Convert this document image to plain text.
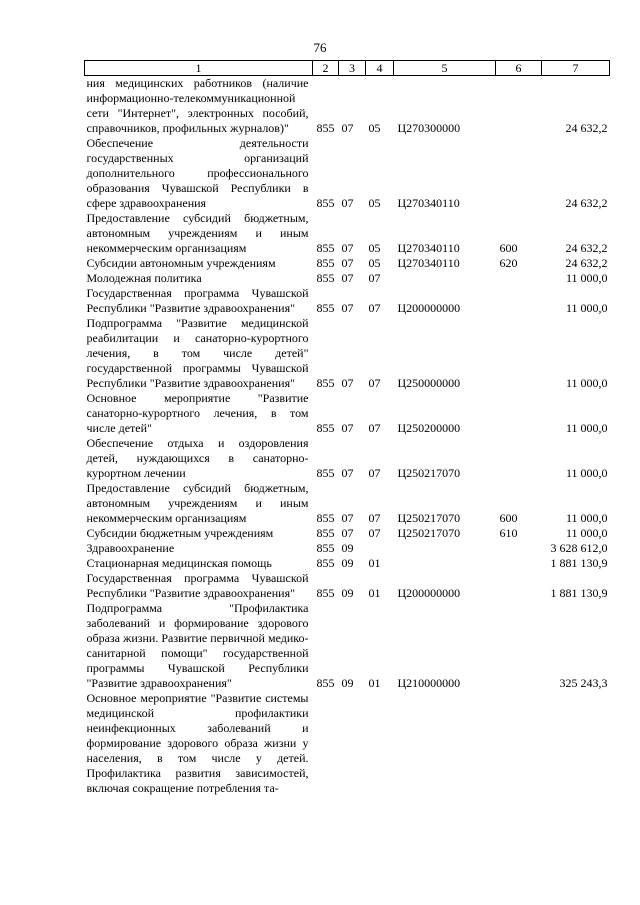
76
1	2	3	4	5	6	7
ния медицинских работников (наличие информационно-телекоммуникационной сети "Интернет", электронных пособий, справочников, профильных журналов)"	855	07	05	Ц270300000		24 632,2
Обеспечение деятельности государственных организаций дополнительного профессионального образования Чувашской Республики в сфере здравоохранения	855	07	05	Ц270340110		24 632,2
Предоставление субсидий бюджетным, автономным учреждениям и иным некоммерческим организациям	855	07	05	Ц270340110	600	24 632,2
Субсидии автономным учреждениям	855	07	05	Ц270340110	620	24 632,2
Молодежная политика	855	07	07			11 000,0
Государственная программа Чувашской Республики "Развитие здравоохранения"	855	07	07	Ц200000000		11 000,0
Подпрограмма "Развитие медицинской реабилитации и санаторно-курортного лечения, в том числе детей" государственной программы Чувашской Республики "Развитие здравоохранения"	855	07	07	Ц250000000		11 000,0
Основное мероприятие "Развитие санаторно-курортного лечения, в том числе детей"	855	07	07	Ц250200000		11 000,0
Обеспечение отдыха и оздоровления детей, нуждающихся в санаторно-курортном лечении	855	07	07	Ц250217070		11 000,0
Предоставление субсидий бюджетным, автономным учреждениям и иным некоммерческим организациям	855	07	07	Ц250217070	600	11 000,0
Субсидии бюджетным учреждениям	855	07	07	Ц250217070	610	11 000,0
Здравоохранение	855	09				3 628 612,0
Стационарная медицинская помощь	855	09	01			1 881 130,9
Государственная программа Чувашской Республики "Развитие здравоохранения"	855	09	01	Ц200000000		1 881 130,9
Подпрограмма "Профилактика заболеваний и формирование здорового образа жизни. Развитие первичной медико-санитарной помощи" государственной программы Чувашской Республики "Развитие здравоохранения"	855	09	01	Ц210000000		325 243,3
Основное мероприятие "Развитие системы медицинской профилактики неинфекционных заболеваний и формирование здорового образа жизни у населения, в том числе у детей. Профилактика развития зависимостей, включая сокращение потребления та-						
